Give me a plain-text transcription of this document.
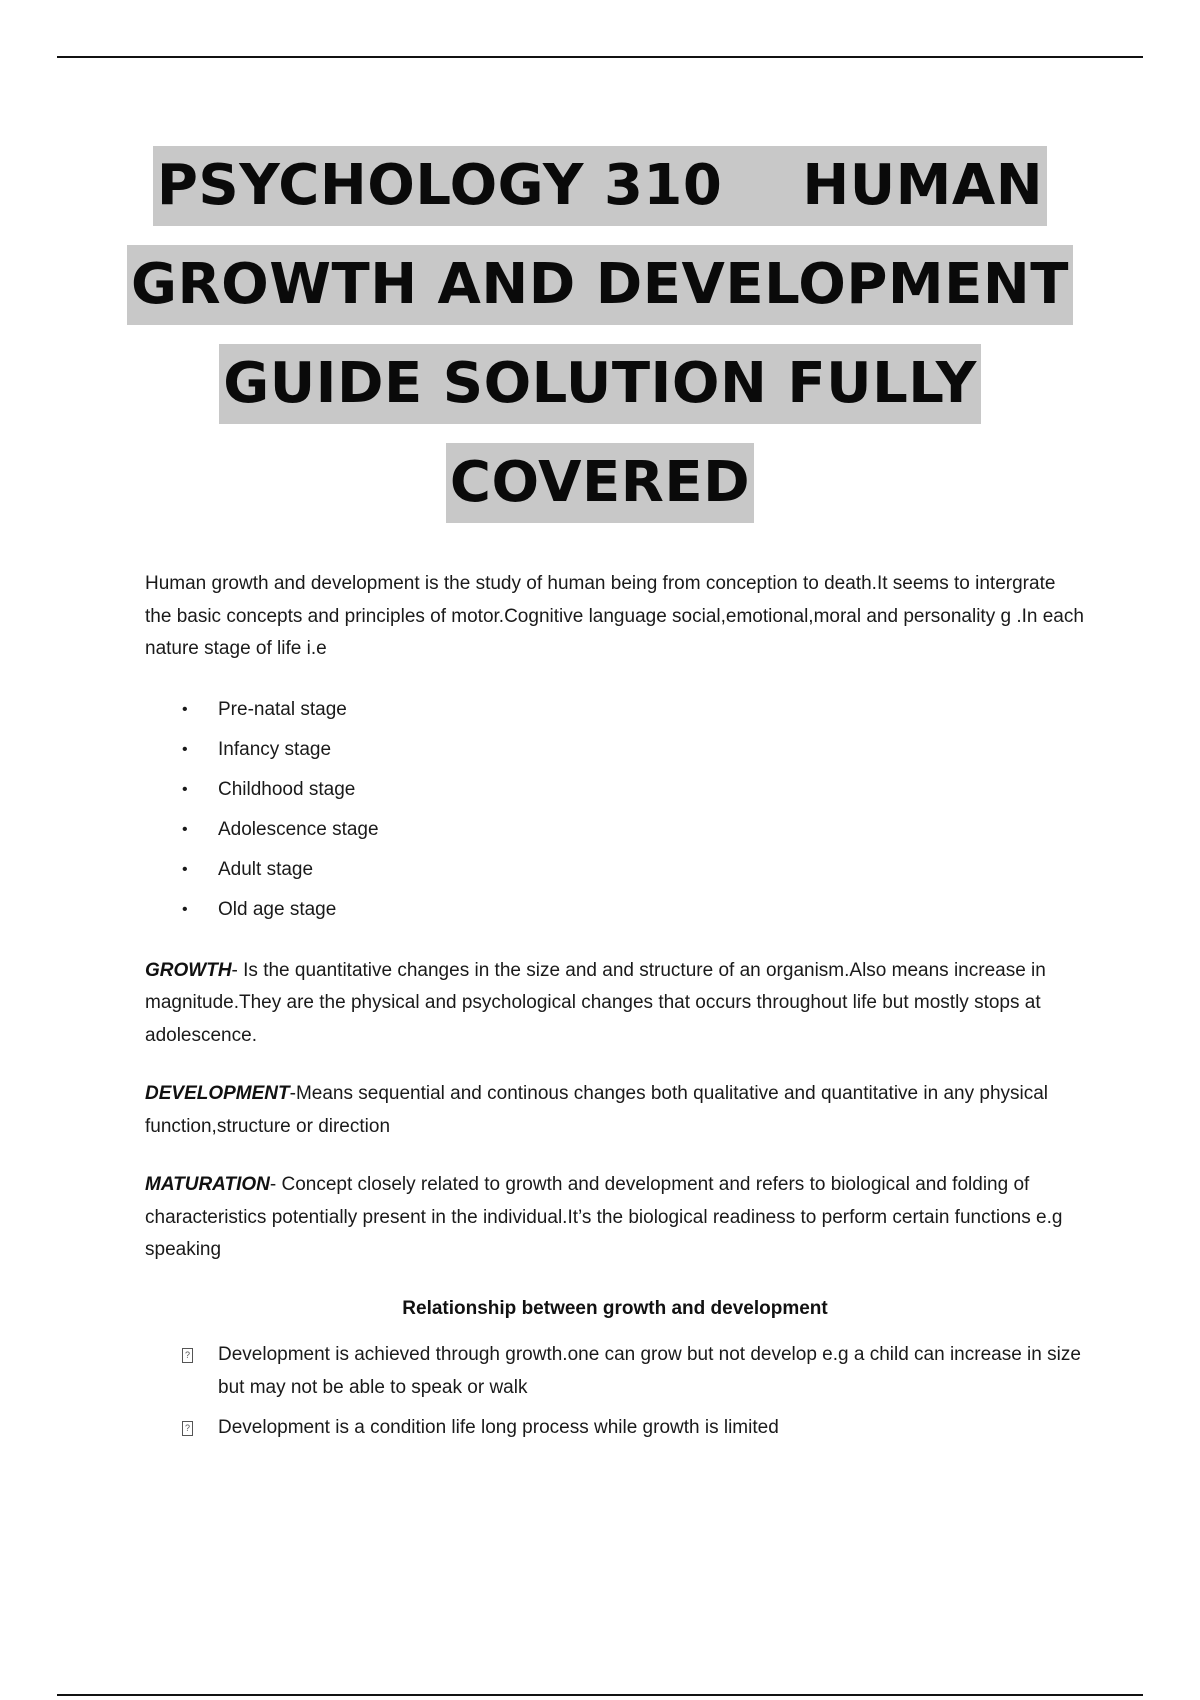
PSYCHOLOGY 310    HUMAN
GROWTH AND DEVELOPMENT
GUIDE SOLUTION FULLY
COVERED

Human growth and development is the study of human being from conception to death.It seems to intergrate the basic concepts and principles of motor.Cognitive language social,emotional,moral and personality g .In each nature stage of life i.e

• Pre-natal stage
• Infancy stage
• Childhood stage
• Adolescence stage
• Adult stage
• Old age stage

GROWTH- Is the quantitative changes in the size and and structure of an organism.Also means increase in magnitude.They are the physical and psychological changes that occurs throughout life but mostly stops at adolescence.

DEVELOPMENT-Means sequential and continous changes both qualitative and quantitative in any physical function,structure or direction

MATURATION- Concept closely related to growth and development and refers to biological and folding of characteristics potentially present in the individual.It’s the biological readiness to perform certain functions e.g speaking

Relationship between growth and development

? Development is achieved through growth.one can grow but not develop e.g a child can increase in size but may not be able to speak or walk
? Development is a condition life long process while growth is limited
